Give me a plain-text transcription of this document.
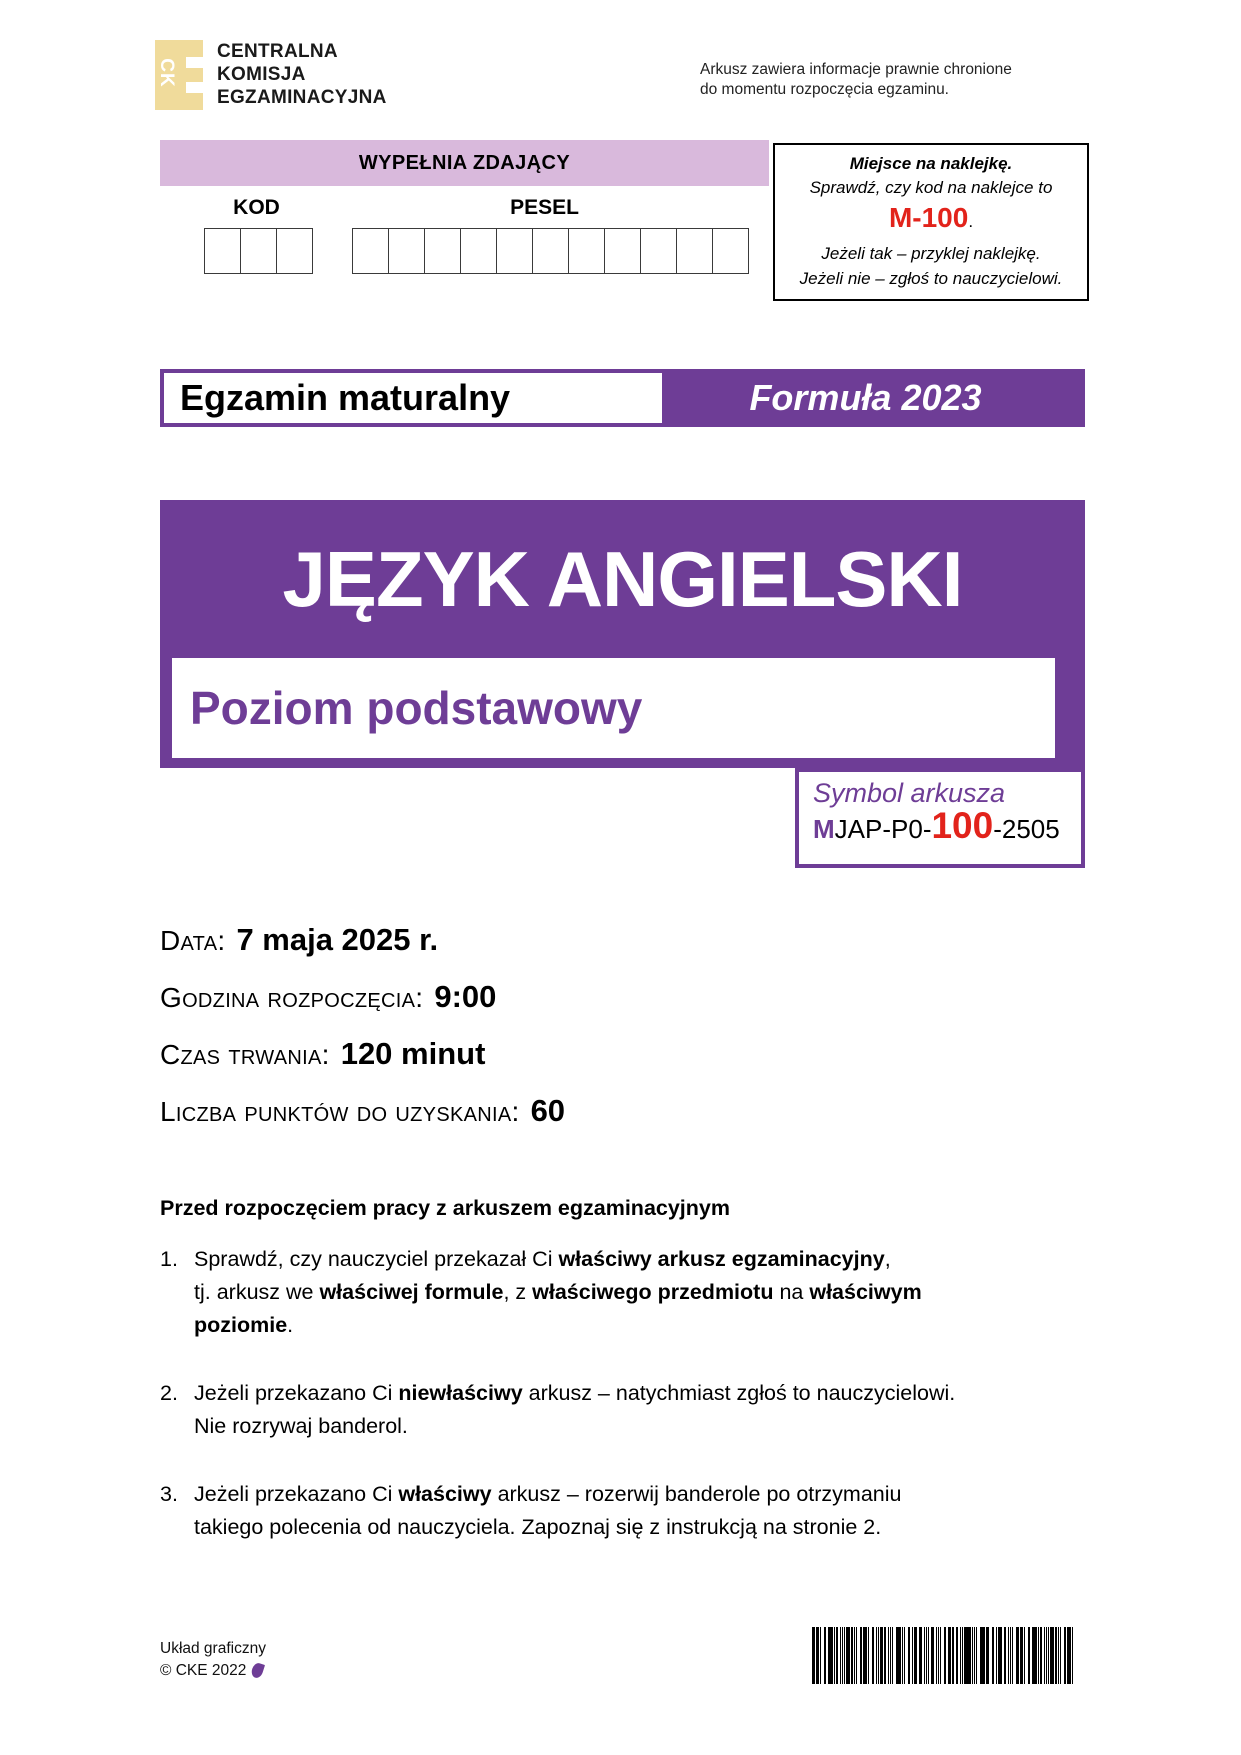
CK
CENTRALNA
KOMISJA
EGZAMINACYJNA
Arkusz zawiera informacje prawnie chronione
do momentu rozpoczęcia egzaminu.
WYPEŁNIA ZDAJĄCY
KOD	PESEL
Miejsce na naklejkę.
Sprawdź, czy kod na naklejce to
M-100.
Jeżeli tak – przyklej naklejkę.
Jeżeli nie – zgłoś to nauczycielowi.
Egzamin maturalny	Formuła 2023
JĘZYK ANGIELSKI
Poziom podstawowy
Symbol arkusza
M JAP-P0- 100 -2505
Data: 7 maja 2025 r.
Godzina rozpoczęcia: 9:00
Czas trwania: 120 minut
Liczba punktów do uzyskania: 60
Przed rozpoczęciem pracy z arkuszem egzaminacyjnym
1. Sprawdź, czy nauczyciel przekazał Ci właściwy arkusz egzaminacyjny,
tj. arkusz we właściwej formule, z właściwego przedmiotu na właściwym
poziomie.
2. Jeżeli przekazano Ci niewłaściwy arkusz – natychmiast zgłoś to nauczycielowi.
Nie rozrywaj banderol.
3. Jeżeli przekazano Ci właściwy arkusz – rozerwij banderole po otrzymaniu
takiego polecenia od nauczyciela. Zapoznaj się z instrukcją na stronie 2.
Układ graficzny
© CKE 2022
